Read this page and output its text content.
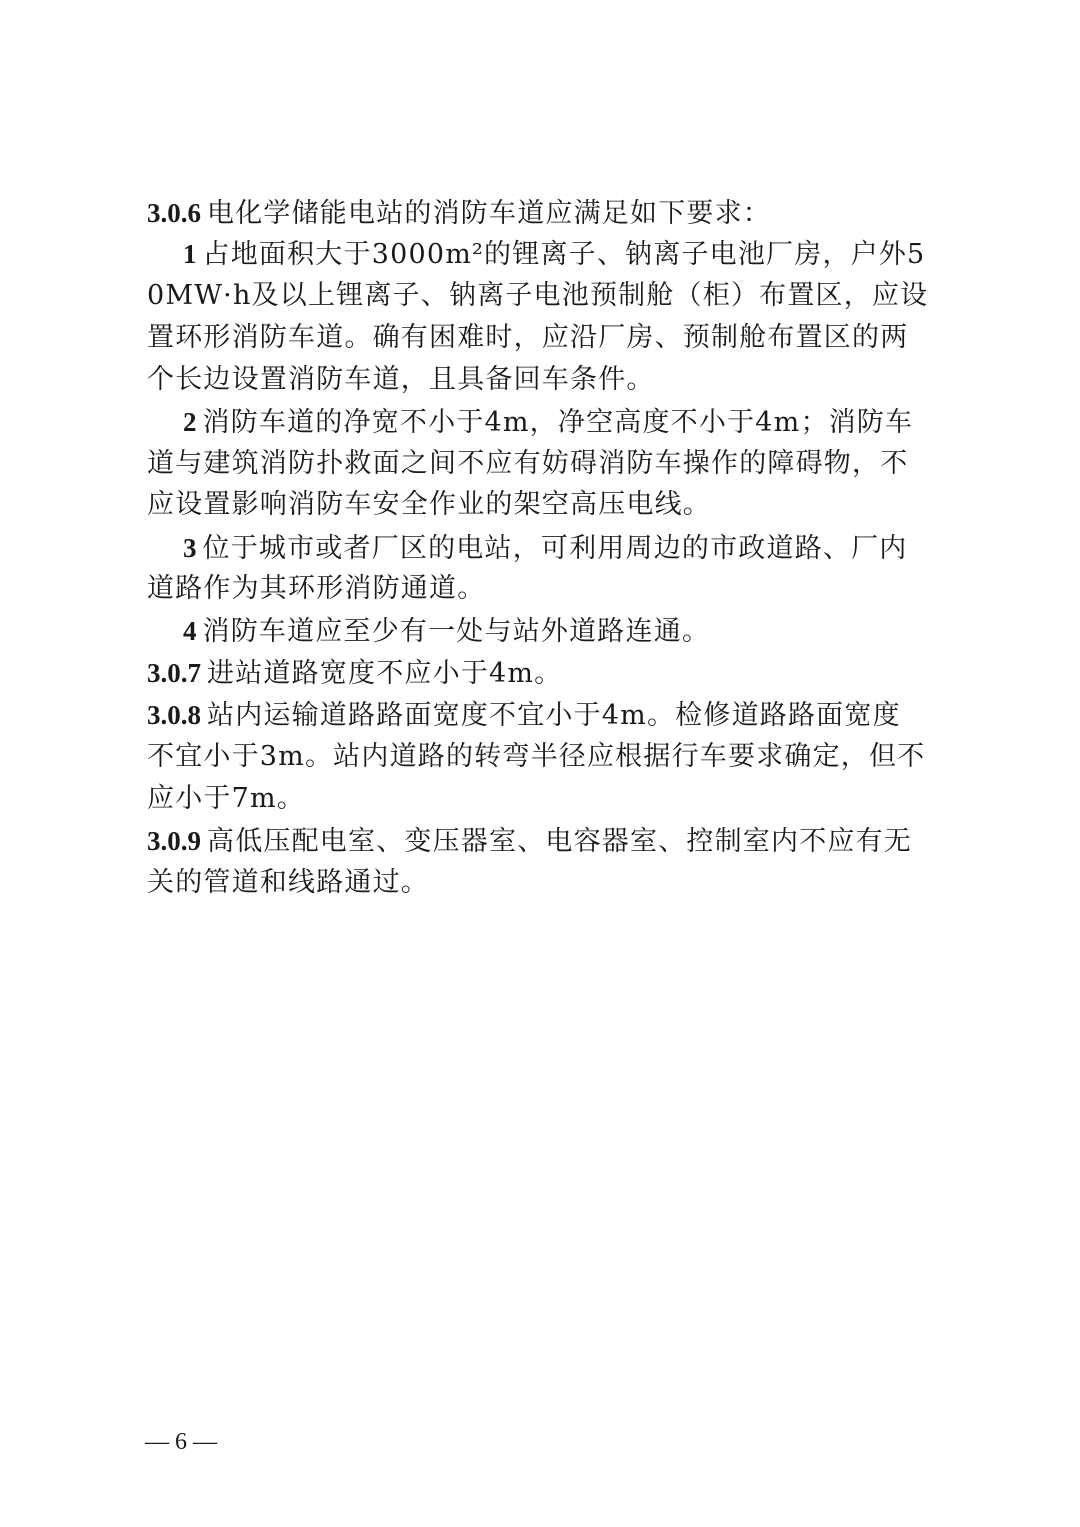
3.0.6 电化学储能电站的消防车道应满足如下要求：
1 占地面积大于3000m²的锂离子、钠离子电池厂房，户外5
0MW·h及以上锂离子、钠离子电池预制舱（柜）布置区，应设
置环形消防车道。确有困难时，应沿厂房、预制舱布置区的两
个长边设置消防车道，且具备回车条件。
2 消防车道的净宽不小于4m，净空高度不小于4m；消防车
道与建筑消防扑救面之间不应有妨碍消防车操作的障碍物，不
应设置影响消防车安全作业的架空高压电线。
3 位于城市或者厂区的电站，可利用周边的市政道路、厂内
道路作为其环形消防通道。
4 消防车道应至少有一处与站外道路连通。
3.0.7 进站道路宽度不应小于4m。
3.0.8 站内运输道路路面宽度不宜小于4m。检修道路路面宽度
不宜小于3m。站内道路的转弯半径应根据行车要求确定，但不
应小于7m。
3.0.9 高低压配电室、变压器室、电容器室、控制室内不应有无
关的管道和线路通过。
— 6 —
